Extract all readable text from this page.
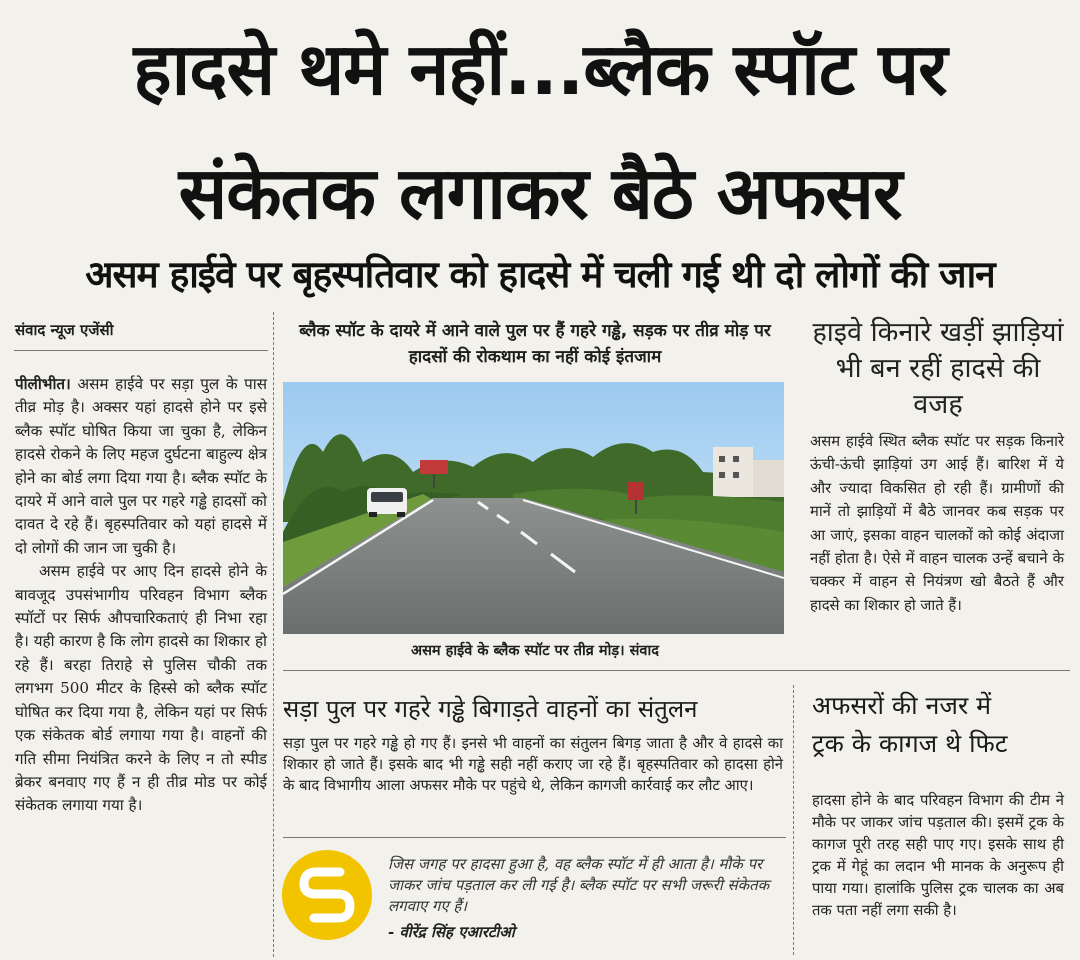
हादसे थमे नहीं...ब्लैक स्पॉट पर
संकेतक लगाकर बैठे अफसर
असम हाईवे पर बृहस्पतिवार को हादसे में चली गई थी दो लोगों की जान
संवाद न्यूज एजेंसी

पीलीभीत। असम हाईवे पर सड़ा पुल के पास तीव्र मोड़ है। अक्सर यहां हादसे होने पर इसे ब्लैक स्पॉट घोषित किया जा चुका है, लेकिन हादसे रोकने के लिए महज दुर्घटना बाहुल्य क्षेत्र होने का बोर्ड लगा दिया गया है। ब्लैक स्पॉट के दायरे में आने वाले पुल पर गहरे गड्ढे हादसों को दावत दे रहे हैं। बृहस्पतिवार को यहां हादसे में दो लोगों की जान जा चुकी है।

असम हाईवे पर आए दिन हादसे होने के बावजूद उपसंभागीय परिवहन विभाग ब्लैक स्पॉटों पर सिर्फ औपचारिकताएं ही निभा रहा है। यही कारण है कि लोग हादसे का शिकार हो रहे हैं। बरहा तिराहे से पुलिस चौकी तक लगभग 500 मीटर के हिस्से को ब्लैक स्पॉट घोषित कर दिया गया है, लेकिन यहां पर सिर्फ एक संकेतक बोर्ड लगाया गया है। वाहनों की गति सीमा नियंत्रित करने के लिए न तो स्पीड ब्रेकर बनवाए गए हैं न ही तीव्र मोड पर कोई संकेतक लगाया गया है।

ब्लैक स्पॉट के दायरे में आने वाले पुल पर हैं गहरे गड्ढे, सड़क पर तीव्र मोड़ पर हादसों की रोकथाम का नहीं कोई इंतजाम
असम हाईवे के ब्लैक स्पॉट पर तीव्र मोड़। संवाद
हाइवे किनारे खड़ीं झाड़ियां भी बन रहीं हादसे की वजह
असम हाईवे स्थित ब्लैक स्पॉट पर सड़क किनारे ऊंची-ऊंची झाड़ियां उग आई हैं। बारिश में ये और ज्यादा विकसित हो रही हैं। ग्रामीणों की मानें तो झाड़ियों में बैठे जानवर कब सड़क पर आ जाएं, इसका वाहन चालकों को कोई अंदाजा नहीं होता है। ऐसे में वाहन चालक उन्हें बचाने के चक्कर में वाहन से नियंत्रण खो बैठते हैं और हादसे का शिकार हो जाते हैं।
सड़ा पुल पर गहरे गड्ढे बिगाड़ते वाहनों का संतुलन
सड़ा पुल पर गहरे गड्ढे हो गए हैं। इनसे भी वाहनों का संतुलन बिगड़ जाता है और वे हादसे का शिकार हो जाते हैं। इसके बाद भी गड्ढे सही नहीं कराए जा रहे हैं। बृहस्पतिवार को हादसा होने के बाद विभागीय आला अफसर मौके पर पहुंचे थे, लेकिन कागजी कार्रवाई कर लौट आए।
जिस जगह पर हादसा हुआ है, वह ब्लैक स्पॉट में ही आता है। मौके पर जाकर जांच पड़ताल कर ली गई है। ब्लैक स्पॉट पर सभी जरूरी संकेतक लगवाए गए हैं।
- वीरेंद्र सिंह एआरटीओ
अफसरों की नजर में
ट्रक के कागज थे फिट
हादसा होने के बाद परिवहन विभाग की टीम ने मौके पर जाकर जांच पड़ताल की। इसमें ट्रक के कागज पूरी तरह सही पाए गए। इसके साथ ही ट्रक में गेहूं का लदान भी मानक के अनुरूप ही पाया गया। हालांकि पुलिस ट्रक चालक का अब तक पता नहीं लगा सकी है।
